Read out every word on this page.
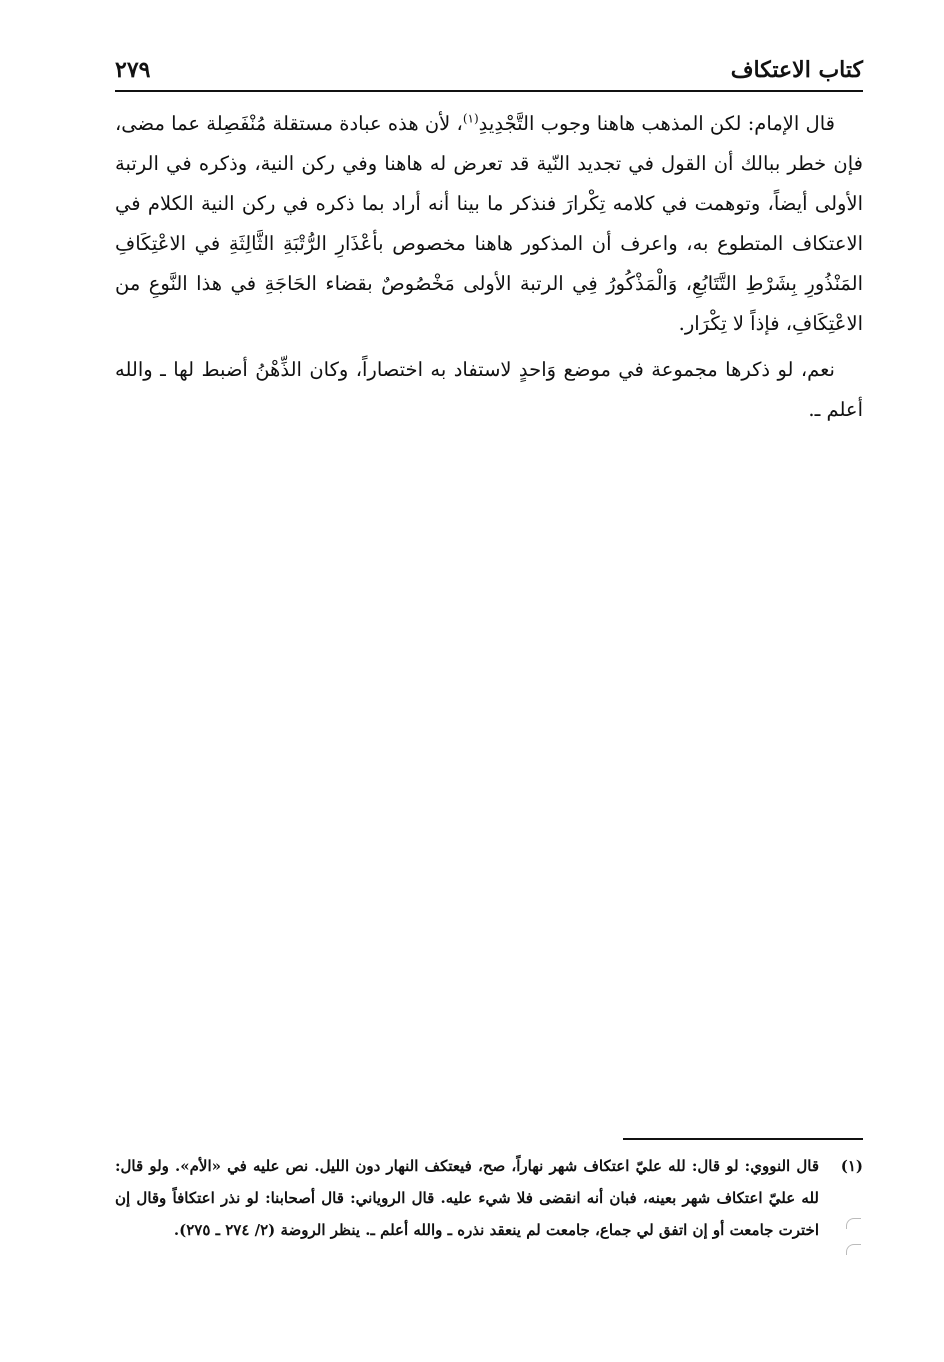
كتاب الاعتكاف
٢٧٩

قال الإمام: لكن المذهب هاهنا وجوب التَّجْدِيدِ$^{(١)}$، لأن هذه عبادة مستقلة مُنْفَصِلة عما مضى، فإن خطر ببالك أن القول في تجديد النّية قد تعرض له هاهنا وفي ركن النية، وذكره في الرتبة الأولى أيضاً، وتوهمت في كلامه تِكْرارَ فنذكر ما بينا أنه أراد بما ذكره في ركن النية الكلام في الاعتكاف المتطوع به، واعرف أن المذكور هاهنا مخصوص بأعْذَارِ الرُّتْبَةِ الثَّالِثَةِ في الاعْتِكَافِ المَنْذُورِ بِشَرْطِ التَّتَابُعِ، وَالْمَذْكُورُ فِي الرتبة الأولى مَخْصُوصٌ بقضاء الحَاجَةِ في هذا النَّوعِ من الاعْتِكَافِ، فإذاً لا تِكْرَار.

نعم، لو ذكرها مجموعة في موضع وَاحدٍ لاستفاد به اختصاراً، وكان الذِّهْنُ أضبط لها ـ والله أعلم ـ.

(١)
قال النووي: لو قال: لله عليّ اعتكاف شهر نهاراً، صح، فيعتكف النهار دون الليل. نص عليه في «الأم». ولو قال: لله عليّ اعتكاف شهر بعينه، فبان أنه انقضى فلا شيء عليه. قال الروياني: قال أصحابنا: لو نذر اعتكافاً وقال إن اخترت جامعت أو إن اتفق لي جماع، جامعت لم ينعقد نذره ـ والله أعلم ـ. ينظر الروضة (٢/ ٢٧٤ ـ ٢٧٥).
